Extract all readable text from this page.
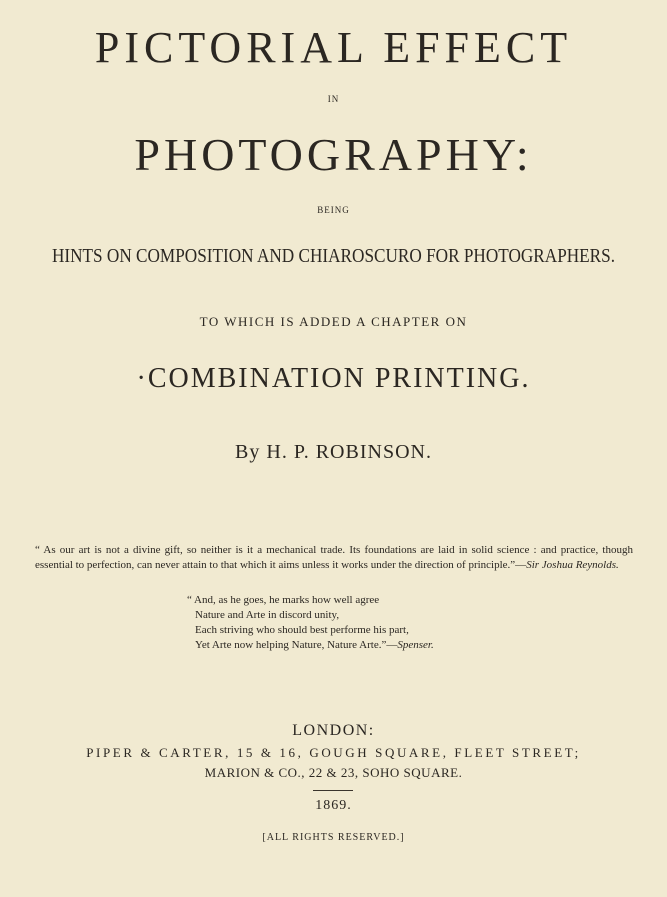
PICTORIAL EFFECT
IN
PHOTOGRAPHY:
BEING
HINTS ON COMPOSITION AND CHIAROSCURO FOR PHOTOGRAPHERS.
TO WHICH IS ADDED A CHAPTER ON
·COMBINATION PRINTING.
By H. P. ROBINSON.
“ As our art is not a divine gift, so neither is it a mechanical trade. Its foundations are laid in solid science : and practice, though essential to perfection, can never attain to that which it aims unless it works under the direction of principle.”—Sir Joshua Reynolds.
“ And, as he goes, he marks how well agree
Nature and Arte in discord unity,
Each striving who should best performe his part,
Yet Arte now helping Nature, Nature Arte.”—Spenser.
LONDON:
PIPER & CARTER, 15 & 16, GOUGH SQUARE, FLEET STREET;
MARION & CO., 22 & 23, SOHO SQUARE.
1869.
[ALL RIGHTS RESERVED.]
